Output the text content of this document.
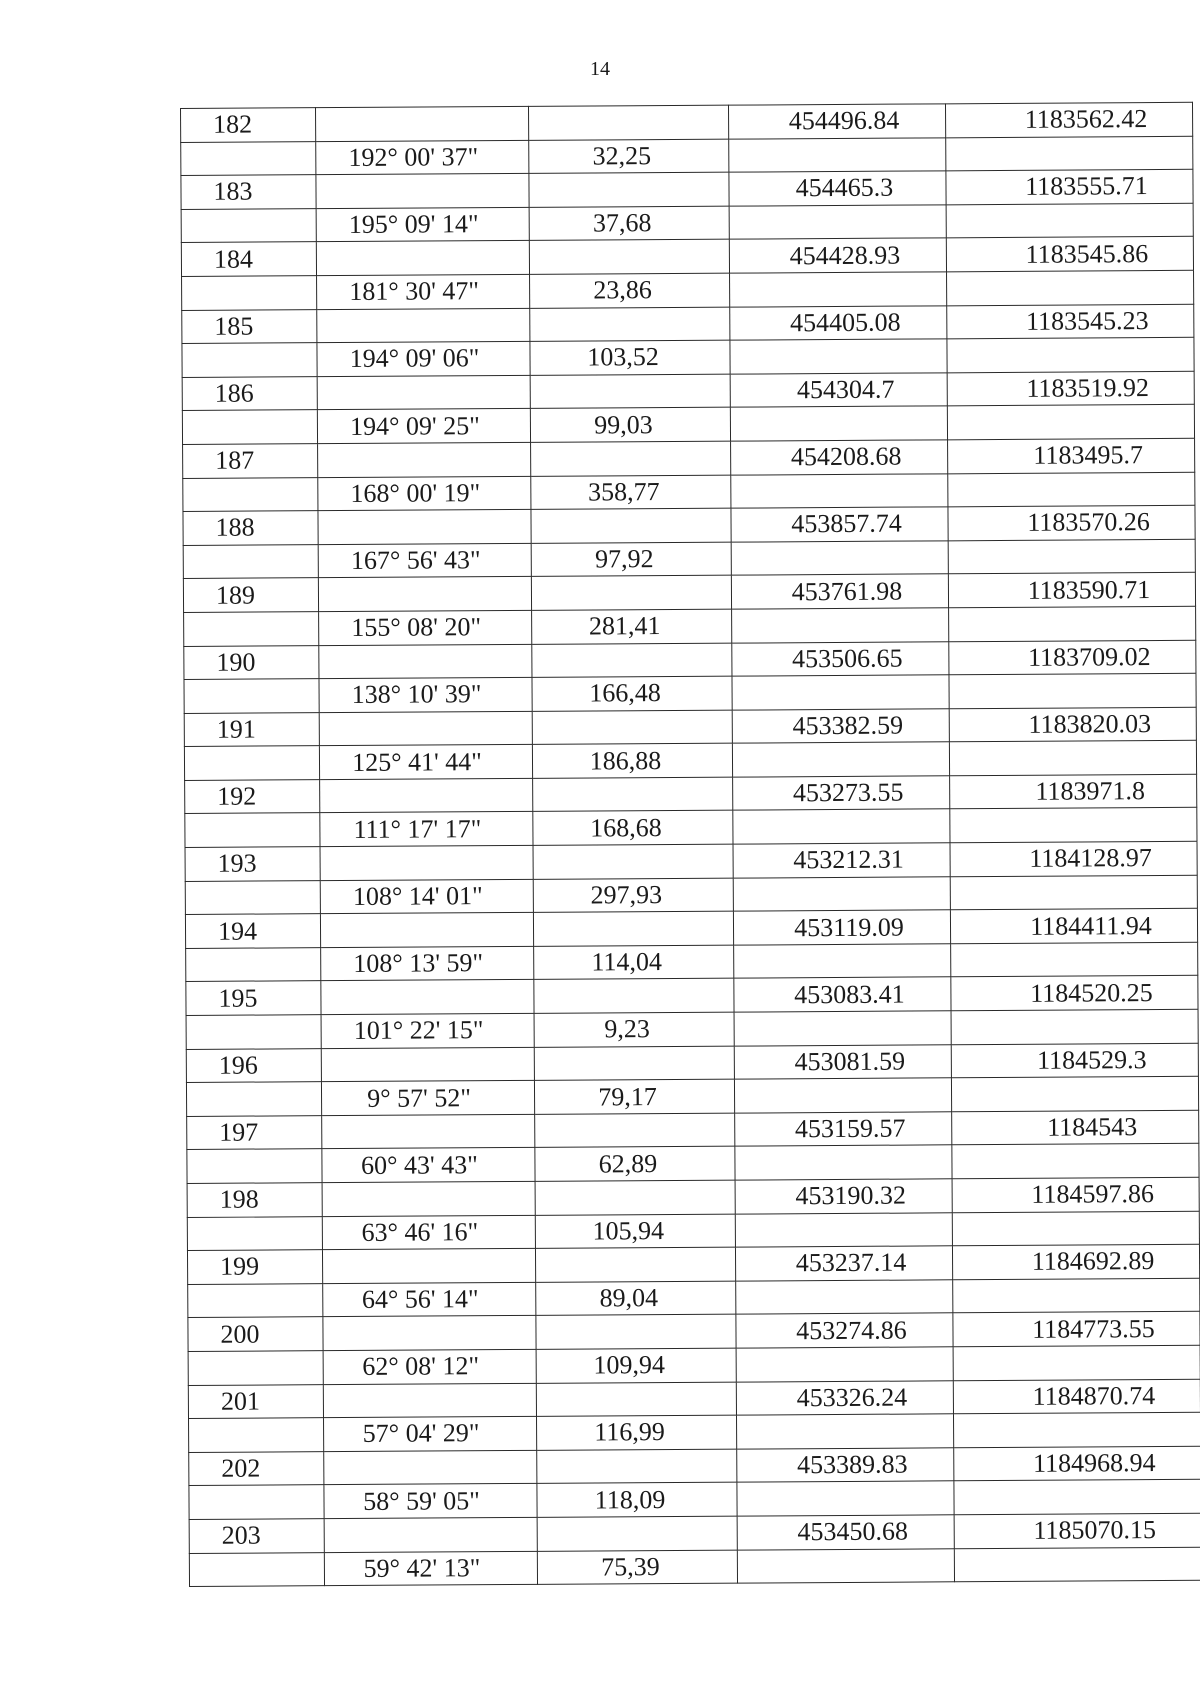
14
182			454496.84	1183562.42
	192° 00' 37"	32,25		
183			454465.3	1183555.71
	195° 09' 14"	37,68		
184			454428.93	1183545.86
	181° 30' 47"	23,86		
185			454405.08	1183545.23
	194° 09' 06"	103,52		
186			454304.7	1183519.92
	194° 09' 25"	99,03		
187			454208.68	1183495.7
	168° 00' 19"	358,77		
188			453857.74	1183570.26
	167° 56' 43"	97,92		
189			453761.98	1183590.71
	155° 08' 20"	281,41		
190			453506.65	1183709.02
	138° 10' 39"	166,48		
191			453382.59	1183820.03
	125° 41' 44"	186,88		
192			453273.55	1183971.8
	111° 17' 17"	168,68		
193			453212.31	1184128.97
	108° 14' 01"	297,93		
194			453119.09	1184411.94
	108° 13' 59"	114,04		
195			453083.41	1184520.25
	101° 22' 15"	9,23		
196			453081.59	1184529.3
	9° 57' 52"	79,17		
197			453159.57	1184543
	60° 43' 43"	62,89		
198			453190.32	1184597.86
	63° 46' 16"	105,94		
199			453237.14	1184692.89
	64° 56' 14"	89,04		
200			453274.86	1184773.55
	62° 08' 12"	109,94		
201			453326.24	1184870.74
	57° 04' 29"	116,99		
202			453389.83	1184968.94
	58° 59' 05"	118,09		
203			453450.68	1185070.15
	59° 42' 13"	75,39		
